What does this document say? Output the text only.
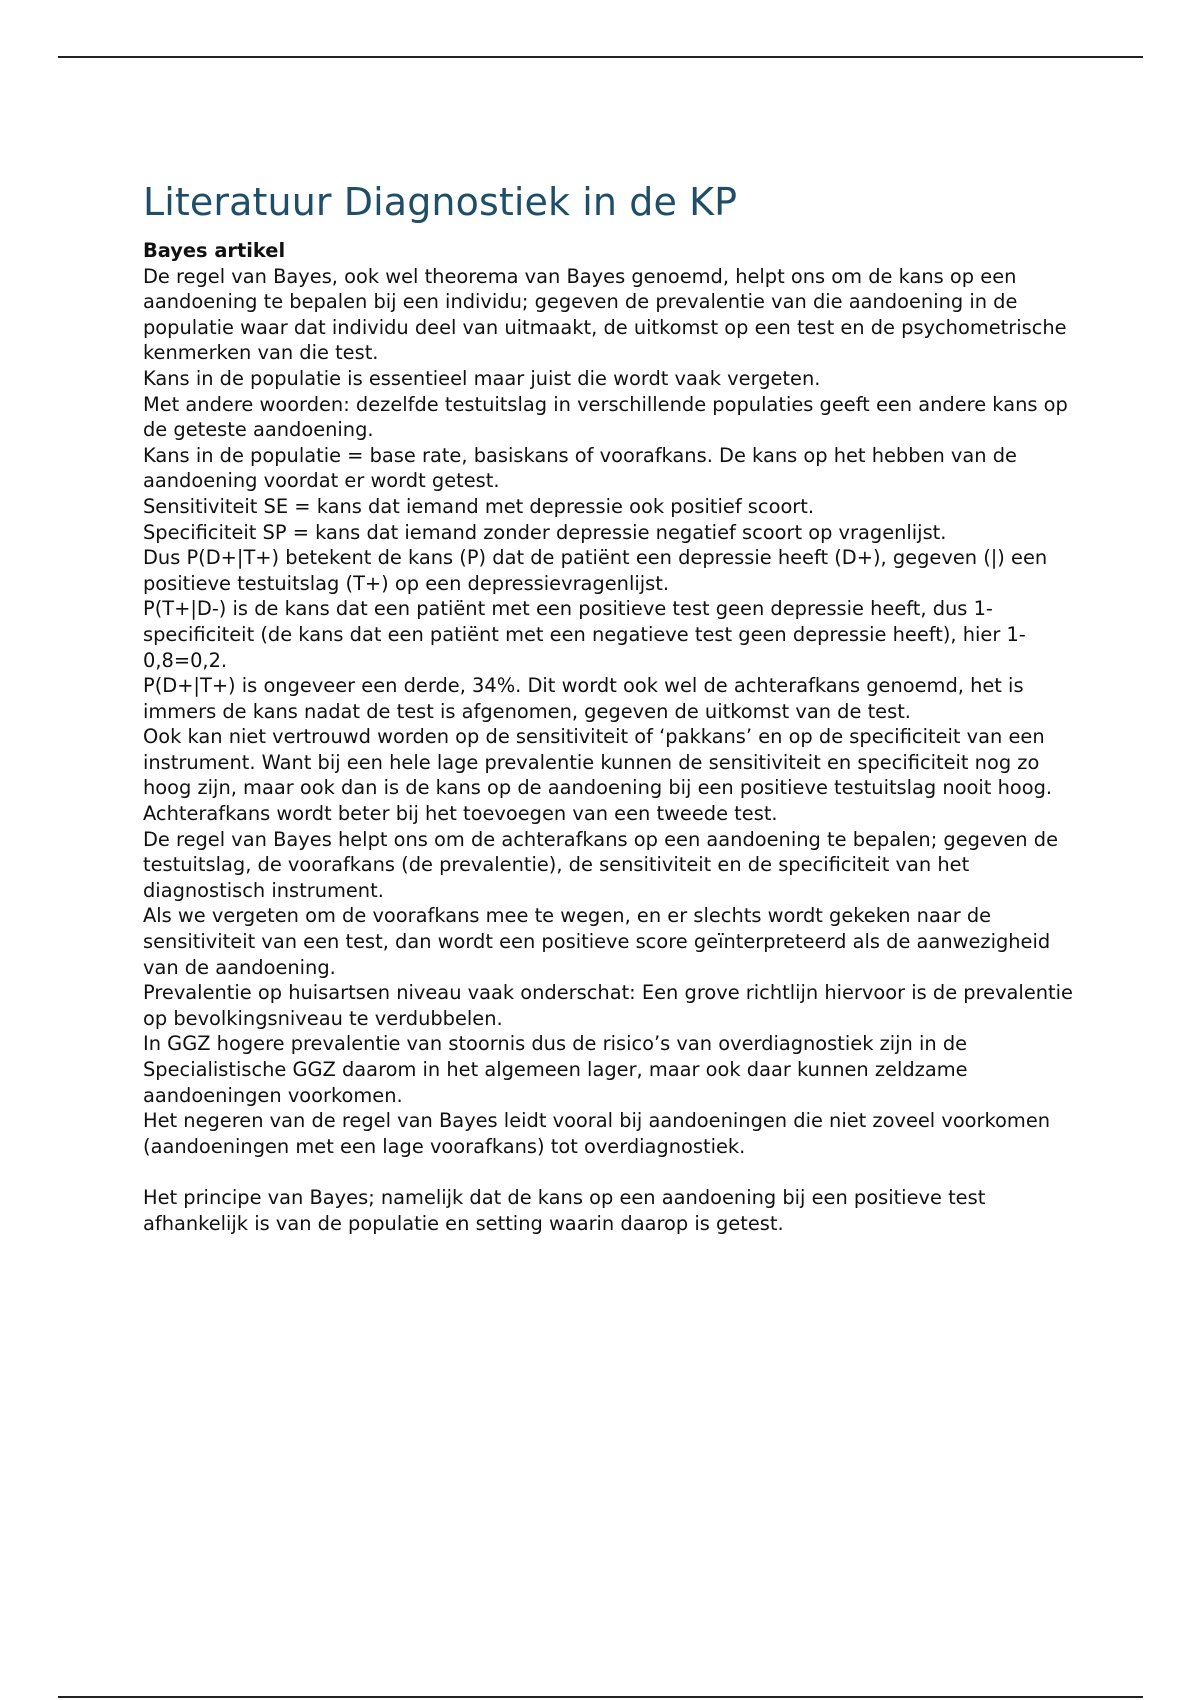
Literatuur Diagnostiek in de KP
Bayes artikel

De regel van Bayes, ook wel theorema van Bayes genoemd, helpt ons om de kans op een aandoening te bepalen bij een individu; gegeven de prevalentie van die aandoening in de populatie waar dat individu deel van uitmaakt, de uitkomst op een test en de psychometrische kenmerken van die test.

Kans in de populatie is essentieel maar juist die wordt vaak vergeten.

Met andere woorden: dezelfde testuitslag in verschillende populaties geeft een andere kans op de geteste aandoening.

Kans in de populatie = base rate, basiskans of voorafkans. De kans op het hebben van de aandoening voordat er wordt getest.

Sensitiviteit SE = kans dat iemand met depressie ook positief scoort.

Specificiteit SP = kans dat iemand zonder depressie negatief scoort op vragenlijst.

Dus P(D+|T+) betekent de kans (P) dat de patiënt een depressie heeft (D+), gegeven (|) een positieve testuitslag (T+) op een depressievragenlijst.

P(T+|D-) is de kans dat een patiënt met een positieve test geen depressie heeft, dus 1-specificiteit (de kans dat een patiënt met een negatieve test geen depressie heeft), hier 1-0,8=0,2.

P(D+|T+) is ongeveer een derde, 34%. Dit wordt ook wel de achterafkans genoemd, het is immers de kans nadat de test is afgenomen, gegeven de uitkomst van de test.

Ook kan niet vertrouwd worden op de sensitiviteit of ‘pakkans’ en op de specificiteit van een instrument. Want bij een hele lage prevalentie kunnen de sensitiviteit en specificiteit nog zo hoog zijn, maar ook dan is de kans op de aandoening bij een positieve testuitslag nooit hoog.

Achterafkans wordt beter bij het toevoegen van een tweede test.

De regel van Bayes helpt ons om de achterafkans op een aandoening te bepalen; gegeven de testuitslag, de voorafkans (de prevalentie), de sensitiviteit en de specificiteit van het diagnostisch instrument.

Als we vergeten om de voorafkans mee te wegen, en er slechts wordt gekeken naar de sensitiviteit van een test, dan wordt een positieve score geïnterpreteerd als de aanwezigheid van de aandoening.

Prevalentie op huisartsen niveau vaak onderschat: Een grove richtlijn hiervoor is de prevalentie op bevolkingsniveau te verdubbelen.

In GGZ hogere prevalentie van stoornis dus de risico’s van overdiagnostiek zijn in de Specialistische GGZ daarom in het algemeen lager, maar ook daar kunnen zeldzame aandoeningen voorkomen.

Het negeren van de regel van Bayes leidt vooral bij aandoeningen die niet zoveel voorkomen (aandoeningen met een lage voorafkans) tot overdiagnostiek.

Het principe van Bayes; namelijk dat de kans op een aandoening bij een positieve test afhankelijk is van de populatie en setting waarin daarop is getest.
